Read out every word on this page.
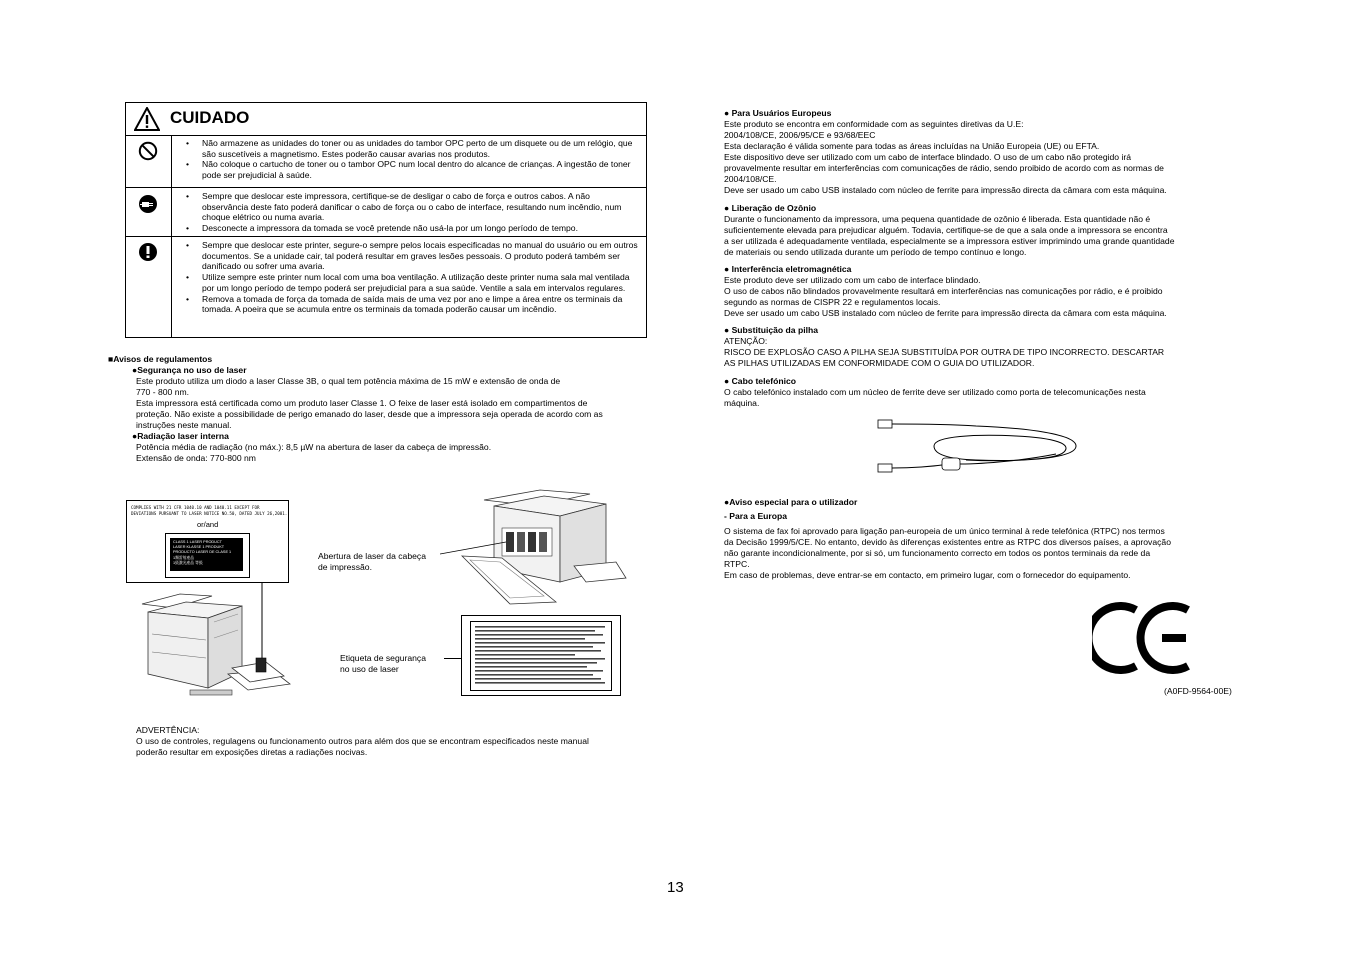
CUIDADO
• Não armazene as unidades do toner ou as unidades do tambor OPC perto de um disquete ou de um relógio, que são suscetíveis a magnetismo. Estes poderão causar avarias nos produtos.
• Não coloque o cartucho de toner ou o tambor OPC num local dentro do alcance de crianças. A ingestão de toner pode ser prejudicial à saúde.
• Sempre que deslocar este impressora, certifique-se de desligar o cabo de força e outros cabos. A não observância deste fato poderá danificar o cabo de força ou o cabo de interface, resultando num incêndio, num choque elétrico ou numa avaria.
• Desconecte a impressora da tomada se você pretende não usá-la por um longo período de tempo.
• Sempre que deslocar este printer, segure-o sempre pelos locais especificadas no manual do usuário ou em outros documentos. Se a unidade cair, tal poderá resultar em graves lesões pessoais. O produto poderá também ser danificado ou sofrer uma avaria.
• Utilize sempre este printer num local com uma boa ventilação. A utilização deste printer numa sala mal ventilada por um longo período de tempo poderá ser prejudicial para a sua saúde. Ventile a sala em intervalos regulares.
• Remova a tomada de força da tomada de saída mais de uma vez por ano e limpe a área entre os terminais da tomada. A poeira que se acumula entre os terminais da tomada poderão causar um incêndio.
■Avisos de regulamentos
●Segurança no uso de laser
Este produto utiliza um diodo a laser Classe 3B, o qual tem potência máxima de 15 mW e extensão de onda de
770 - 800 nm.
Esta impressora está certificada como um produto laser Classe 1. O feixe de laser está isolado em compartimentos de
proteção. Não existe a possibilidade de perigo emanado do laser, desde que a impressora seja operada de acordo com as
instruções neste manual.
●Radiação laser interna
Potência média de radiação (no máx.): 8,5 µW na abertura de laser da cabeça de impressão.
Extensão de onda: 770-800 nm
COMPLIES WITH 21 CFR 1040.10 AND 1040.11 EXCEPT FOR
DEVIATIONS PURSUANT TO LASER NOTICE NO.50, DATED JULY 26,2001.
or/and
CLASS 1 LASER PRODUCT
LASER KLASSE 1 PRODUKT
PRODUCTO LASER DE CLASE 1
1類雷射產品
1級激光產品 等級
Abertura de laser da cabeça
de impressão.
Etiqueta de segurança
no uso de laser
ADVERTÊNCIA:
O uso de controles, regulagens ou funcionamento outros para além dos que se encontram especificados neste manual
poderão resultar em exposições diretas a radiações nocivas.
● Para Usuários Europeus
Este produto se encontra em conformidade com as seguintes diretivas da U.E:
2004/108/CE, 2006/95/CE e 93/68/EEC
Esta declaração é válida somente para todas as áreas incluídas na União Europeia (UE) ou EFTA.
Este dispositivo deve ser utilizado com um cabo de interface blindado. O uso de um cabo não protegido irá
provavelmente resultar em interferências com comunicações de rádio, sendo proibido de acordo com as normas de
2004/108/CE.
Deve ser usado um cabo USB instalado com núcleo de ferrite para impressão directa da câmara com esta máquina.
● Liberação de Ozônio
Durante o funcionamento da impressora, uma pequena quantidade de ozônio é liberada. Esta quantidade não é
suficientemente elevada para prejudicar alguém. Todavia, certifique-se de que a sala onde a impressora se encontra
a ser utilizada é adequadamente ventilada, especialmente se a impressora estiver imprimindo uma grande quantidade
de materiais ou sendo utilizada durante um período de tempo contínuo e longo.
● Interferência eletromagnética
Este produto deve ser utilizado com um cabo de interface blindado.
O uso de cabos não blindados provavelmente resultará em interferências nas comunicações por rádio, e é proibido
segundo as normas de CISPR 22 e regulamentos locais.
Deve ser usado um cabo USB instalado com núcleo de ferrite para impressão directa da câmara com esta máquina.
● Substituição da pilha
ATENÇÃO:
RISCO DE EXPLOSÃO CASO A PILHA SEJA SUBSTITUÍDA POR OUTRA DE TIPO INCORRECTO. DESCARTAR
AS PILHAS UTILIZADAS EM CONFORMIDADE COM O GUIA DO UTILIZADOR.
● Cabo telefónico
O cabo telefónico instalado com um núcleo de ferrite deve ser utilizado como porta de telecomunicações nesta
máquina.
●Aviso especial para o utilizador
- Para a Europa
O sistema de fax foi aprovado para ligação pan-europeia de um único terminal à rede telefónica (RTPC) nos termos
da Decisão 1999/5/CE. No entanto, devido às diferenças existentes entre as RTPC dos diversos países, a aprovação
não garante incondicionalmente, por si só, um funcionamento correcto em todos os pontos terminais da rede da
RTPC.
Em caso de problemas, deve entrar-se em contacto, em primeiro lugar, com o fornecedor do equipamento.
(A0FD-9564-00E)
13
